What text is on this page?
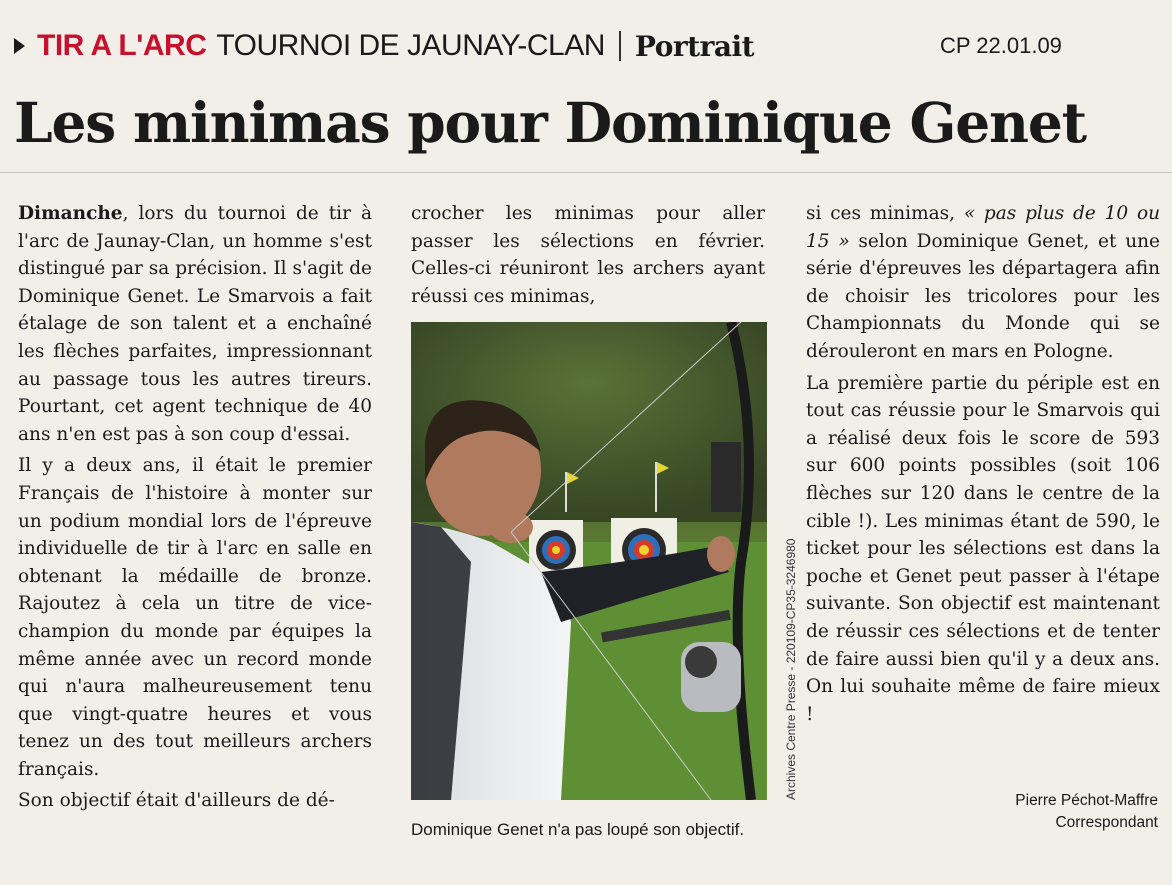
TIR A L'ARC TOURNOI DE JAUNAY-CLAN Portrait	CP 22.01.09
Les minimas pour Dominique Genet

Dimanche, lors du tournoi de tir à l'arc de Jaunay-Clan, un homme s'est distingué par sa précision. Il s'agit de Dominique Genet. Le Smarvois a fait étalage de son talent et a enchaîné les flèches parfaites, impressionnant au passage tous les autres tireurs. Pourtant, cet agent technique de 40 ans n'en est pas à son coup d'essai.

Il y a deux ans, il était le premier Français de l'histoire à monter sur un podium mondial lors de l'épreuve individuelle de tir à l'arc en salle en obtenant la médaille de bronze. Rajoutez à cela un titre de vice-champion du monde par équipes la même année avec un record monde qui n'aura malheureusement tenu que vingt-quatre heures et vous tenez un des tout meilleurs archers français.

Son objectif était d'ailleurs de dé-

crocher les minimas pour aller passer les sélections en février. Celles-ci réuniront les archers ayant réussi ces minimas,

Archives Centre Presse - 220109-CP35-3246980
Dominique Genet n'a pas loupé son objectif.

si ces minimas, « pas plus de 10 ou 15 » selon Dominique Genet, et une série d'épreuves les départagera afin de choisir les tricolores pour les Championnats du Monde qui se dérouleront en mars en Pologne.

La première partie du périple est en tout cas réussie pour le Smarvois qui a réalisé deux fois le score de 593 sur 600 points possibles (soit 106 flèches sur 120 dans le centre de la cible !). Les minimas étant de 590, le ticket pour les sélections est dans la poche et Genet peut passer à l'étape suivante. Son objectif est maintenant de réussir ces sélections et de tenter de faire aussi bien qu'il y a deux ans. On lui souhaite même de faire mieux !

Pierre Péchot-Maffre
Correspondant
